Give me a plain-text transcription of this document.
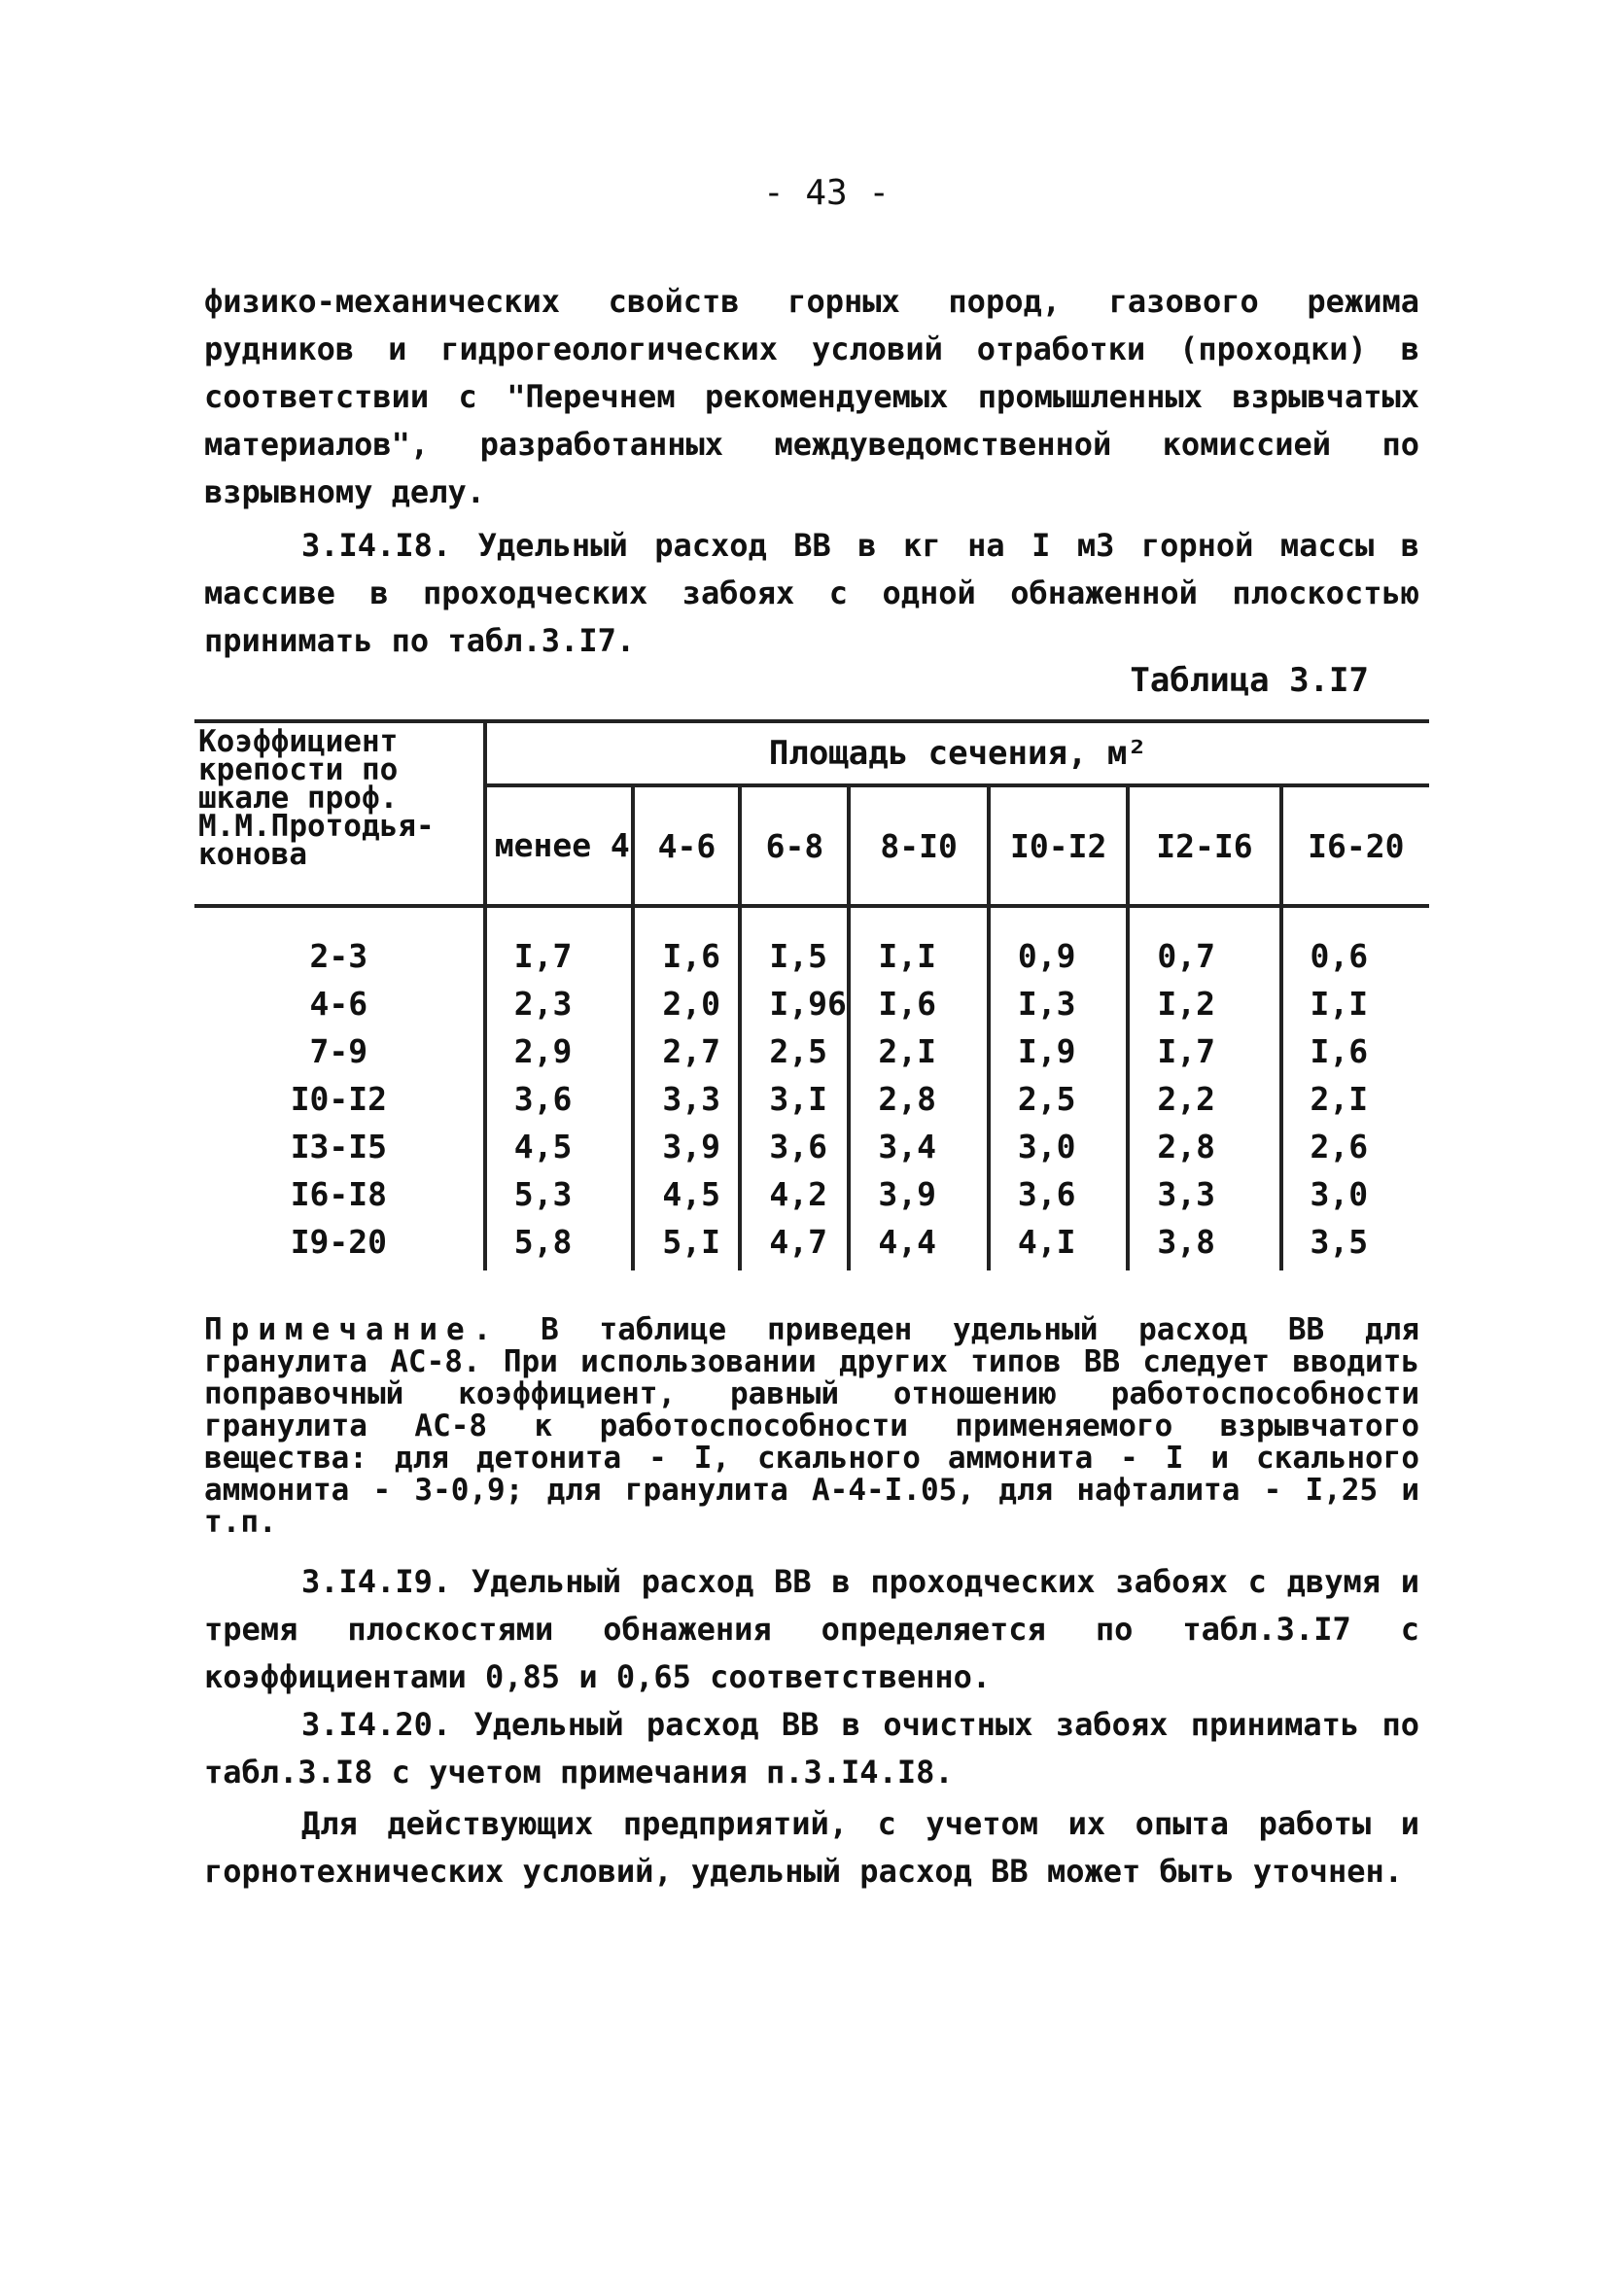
- 43 -

физико-механических свойств горных пород, газового режима рудников и гидрогеологических условий отработки (проходки) в соответствии с "Перечнем рекомендуемых промышленных взрывчатых материалов", разработанных междуведомственной комиссией по взрывному делу.

3.I4.I8. Удельный расход ВВ в кг на I м3 горной массы в массиве в проходческих забоях с одной обнаженной плоскостью принимать по табл.3.I7.

Таблица 3.I7
Коэффициент крепости по шкале проф. М.М.Протодья- конова	Площадь сечения, м²						
	менее 4	4-6	6-8	8-I0	I0-I2	I2-I6	I6-20

2-3	I,7	I,6	I,5	I,I	0,9	0,7	0,6
4-6	2,3	2,0	I,96	I,6	I,3	I,2	I,I
7-9	2,9	2,7	2,5	2,I	I,9	I,7	I,6
I0-I2	3,6	3,3	3,I	2,8	2,5	2,2	2,I
I3-I5	4,5	3,9	3,6	3,4	3,0	2,8	2,6
I6-I8	5,3	4,5	4,2	3,9	3,6	3,3	3,0
I9-20	5,8	5,I	4,7	4,4	4,I	3,8	3,5
Примечание. В таблице приведен удельный расход ВВ для гранулита АС-8. При использовании других типов ВВ следует вводить поправочный коэффициент, равный отношению работоспособности гранулита АС-8 к работоспособности применяемого взрывчатого вещества: для детонита - I, скального аммонита - I и скального аммонита - 3-0,9; для гранулита А-4-I.05, для нафталита - I,25 и т.п.

3.I4.I9. Удельный расход ВВ в проходческих забоях с двумя и тремя плоскостями обнажения определяется по табл.3.I7 с коэффициентами 0,85 и 0,65 соответственно.

3.I4.20. Удельный расход ВВ в очистных забоях принимать по табл.3.I8 с учетом примечания п.3.I4.I8.

Для действующих предприятий, с учетом их опыта работы и горнотехнических условий, удельный расход ВВ может быть уточнен.
